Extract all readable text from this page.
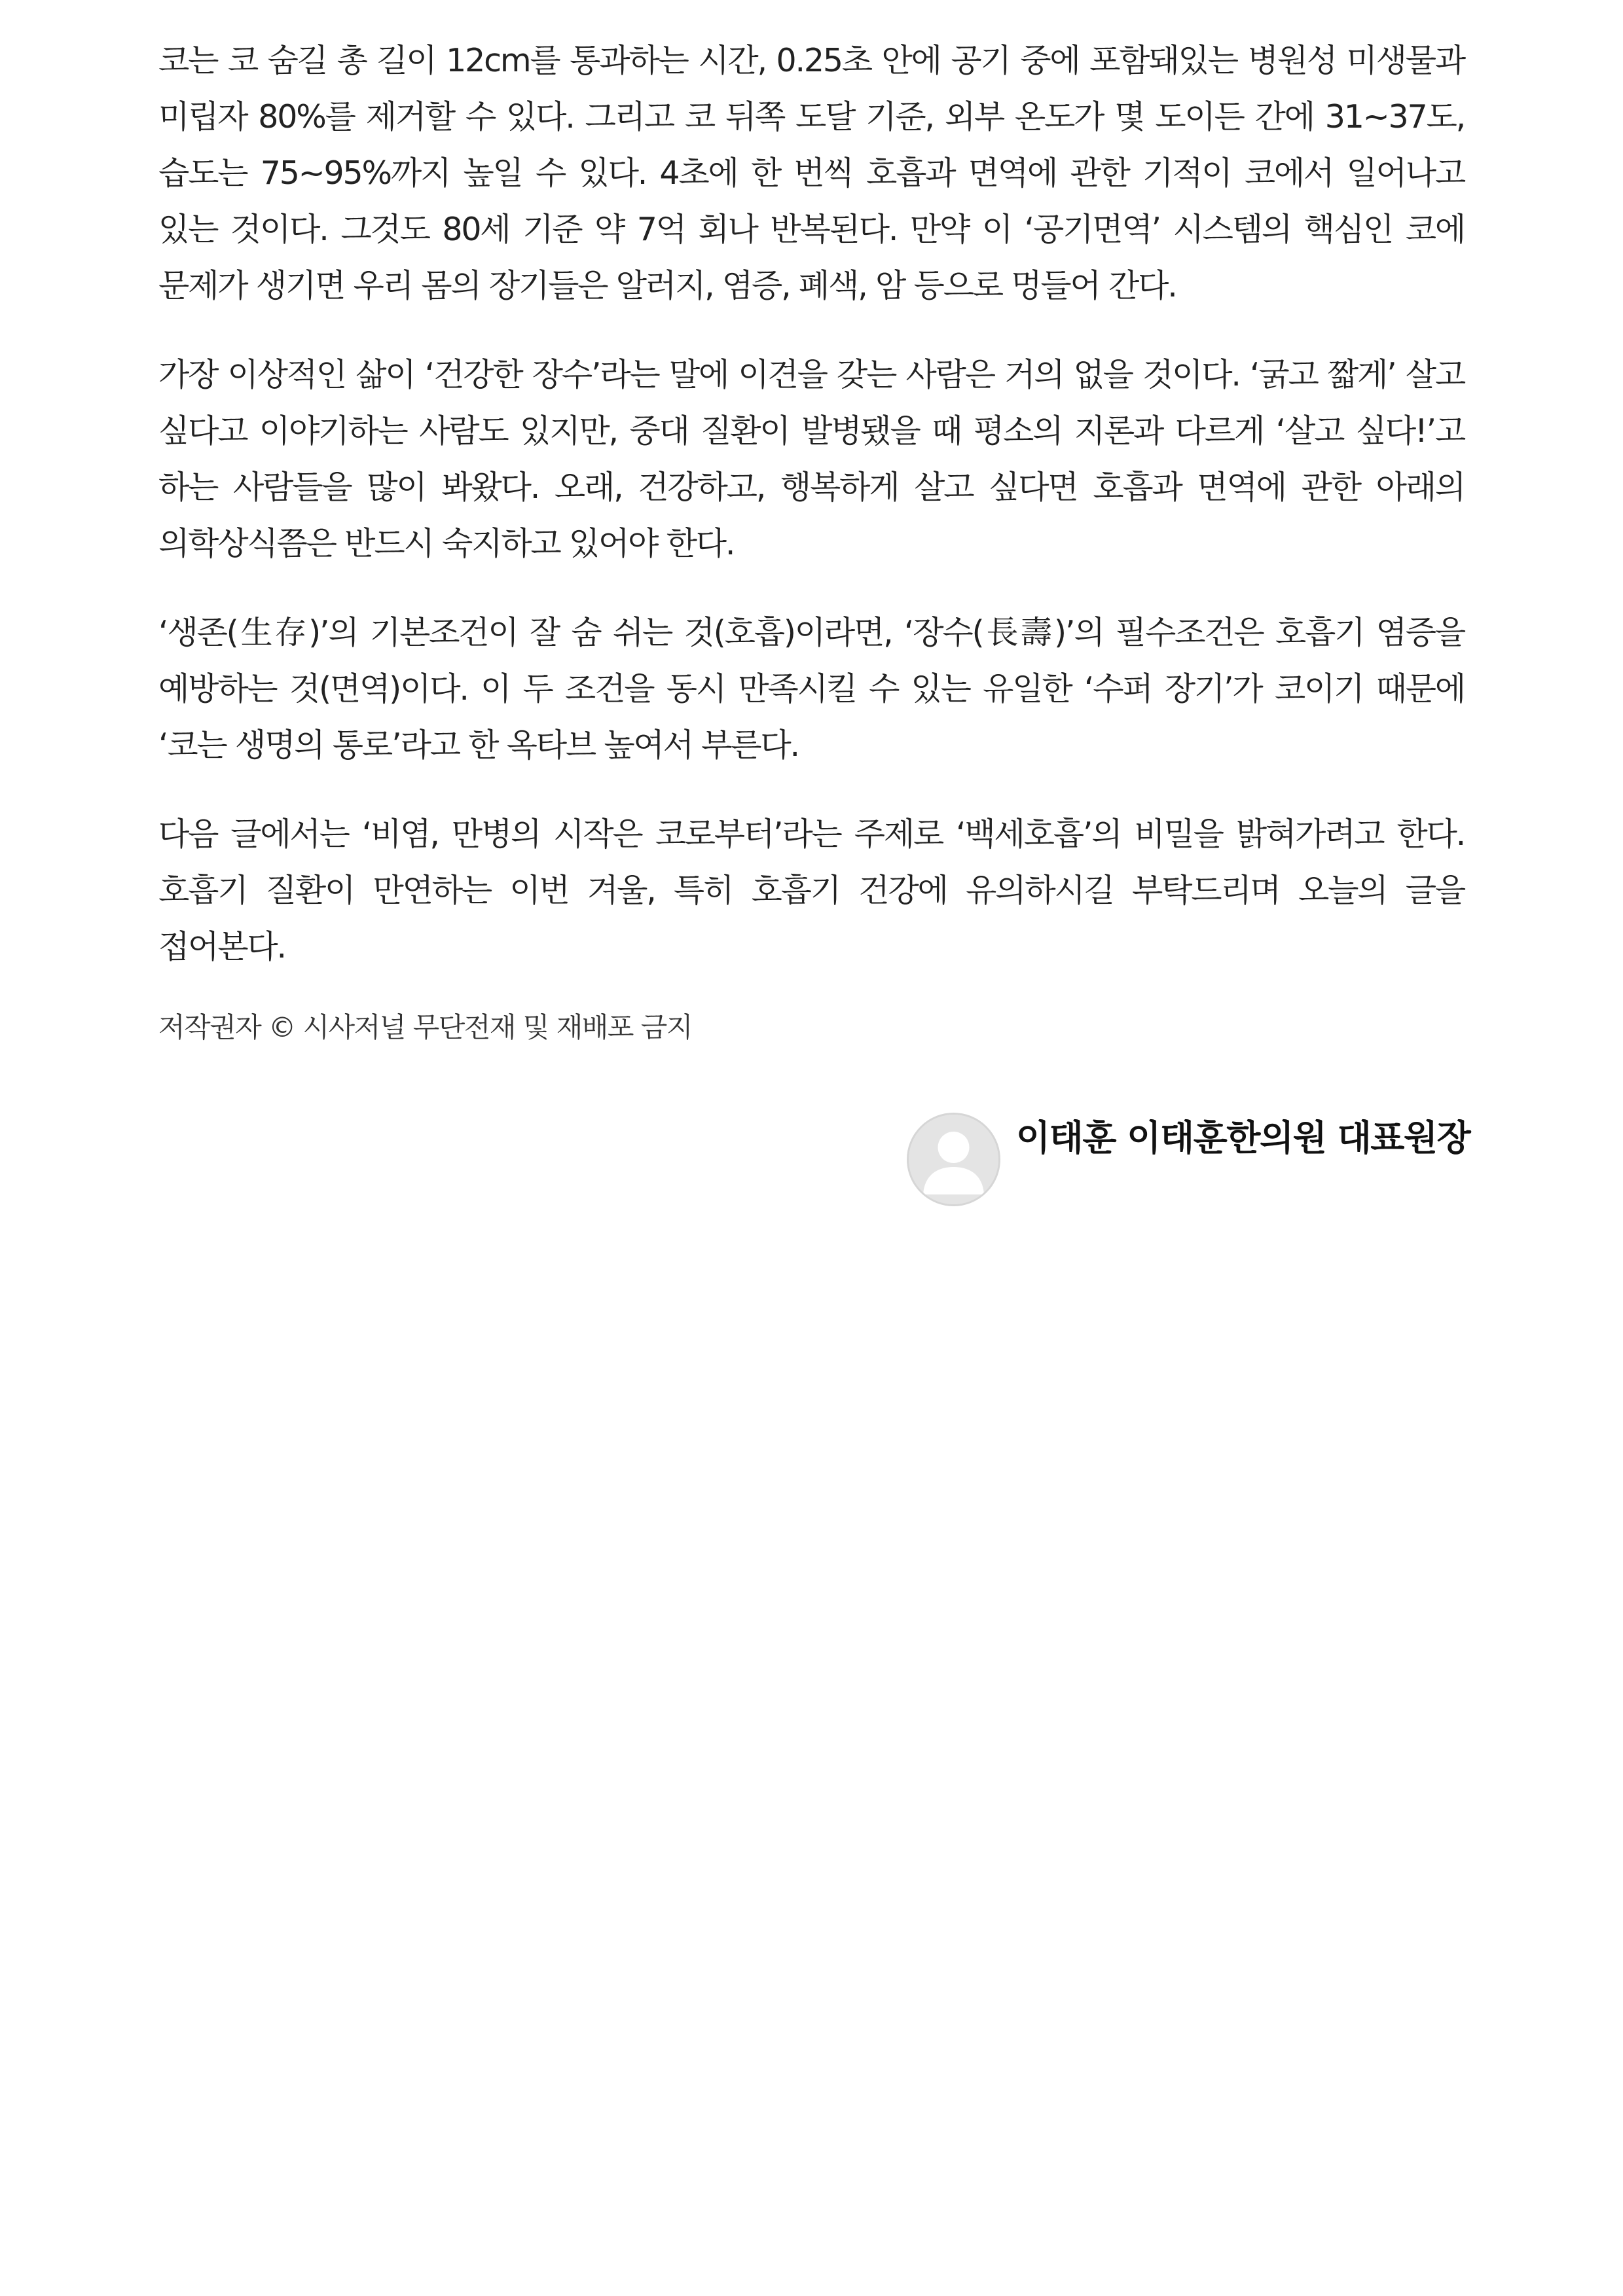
코는 코 숨길 총 길이 12cm를 통과하는 시간, 0.25초 안에 공기 중에 포함돼있는 병원성 미생물과 미립자 80%를 제거할 수 있다. 그리고 코 뒤쪽 도달 기준, 외부 온도가 몇 도이든 간에 31~37도, 습도는 75~95%까지 높일 수 있다. 4초에 한 번씩 호흡과 면역에 관한 기적이 코에서 일어나고 있는 것이다. 그것도 80세 기준 약 7억 회나 반복된다. 만약 이 ‘공기면역’ 시스템의 핵심인 코에 문제가 생기면 우리 몸의 장기들은 알러지, 염증, 폐색, 암 등으로 멍들어 간다.

가장 이상적인 삶이 ‘건강한 장수’라는 말에 이견을 갖는 사람은 거의 없을 것이다. ‘굵고 짧게’ 살고 싶다고 이야기하는 사람도 있지만, 중대 질환이 발병됐을 때 평소의 지론과 다르게 ‘살고 싶다!’고 하는 사람들을 많이 봐왔다. 오래, 건강하고, 행복하게 살고 싶다면 호흡과 면역에 관한 아래의 의학상식쯤은 반드시 숙지하고 있어야 한다.

‘생존(生存)’의 기본조건이 잘 숨 쉬는 것(호흡)이라면, ‘장수(長壽)’의 필수조건은 호흡기 염증을 예방하는 것(면역)이다. 이 두 조건을 동시 만족시킬 수 있는 유일한 ‘수퍼 장기’가 코이기 때문에 ‘코는 생명의 통로’라고 한 옥타브 높여서 부른다.

다음 글에서는 ‘비염, 만병의 시작은 코로부터’라는 주제로 ‘백세호흡’의 비밀을 밝혀가려고 한다. 호흡기 질환이 만연하는 이번 겨울, 특히 호흡기 건강에 유의하시길 부탁드리며 오늘의 글을 접어본다.

저작권자 © 시사저널 무단전재 및 재배포 금지

이태훈 이태훈한의원 대표원장
